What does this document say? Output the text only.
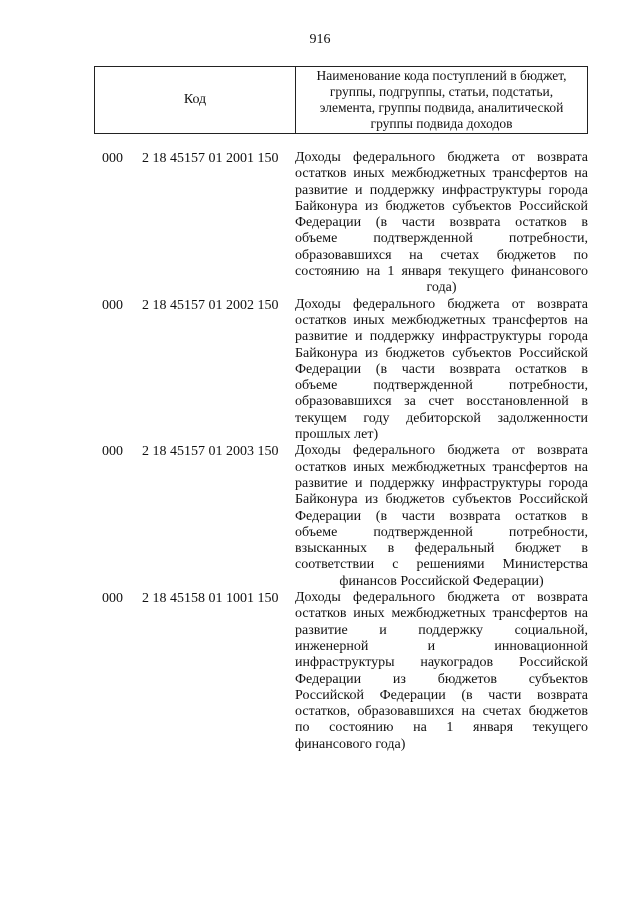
916
Код
Наименование кода поступлений в бюджет, группы, подгруппы, статьи, подстатьи, элемента, группы подвида, аналитической группы подвида доходов
000	2 18 45157 01 2001 150	Доходы федерального бюджета от возврата
остатков иных межбюджетных трансфертов на
развитие и поддержку инфраструктуры города
Байконура из бюджетов субъектов Российской
Федерации (в части возврата остатков в
объеме подтвержденной потребности,
образовавшихся на счетах бюджетов по
состоянию на 1 января текущего финансового
года)
000	2 18 45157 01 2002 150	Доходы федерального бюджета от возврата
остатков иных межбюджетных трансфертов на
развитие и поддержку инфраструктуры города
Байконура из бюджетов субъектов Российской
Федерации (в части возврата остатков в
объеме подтвержденной потребности,
образовавшихся за счет восстановленной в
текущем году дебиторской задолженности
прошлых лет)
000	2 18 45157 01 2003 150	Доходы федерального бюджета от возврата
остатков иных межбюджетных трансфертов на
развитие и поддержку инфраструктуры города
Байконура из бюджетов субъектов Российской
Федерации (в части возврата остатков в
объеме подтвержденной потребности,
взысканных в федеральный бюджет в
соответствии с решениями Министерства
финансов Российской Федерации)
000	2 18 45158 01 1001 150	Доходы федерального бюджета от возврата
остатков иных межбюджетных трансфертов на
развитие и поддержку социальной,
инженерной и инновационной
инфраструктуры наукоградов Российской
Федерации из бюджетов субъектов
Российской Федерации (в части возврата
остатков, образовавшихся на счетах бюджетов
по состоянию на 1 января текущего
финансового года)
